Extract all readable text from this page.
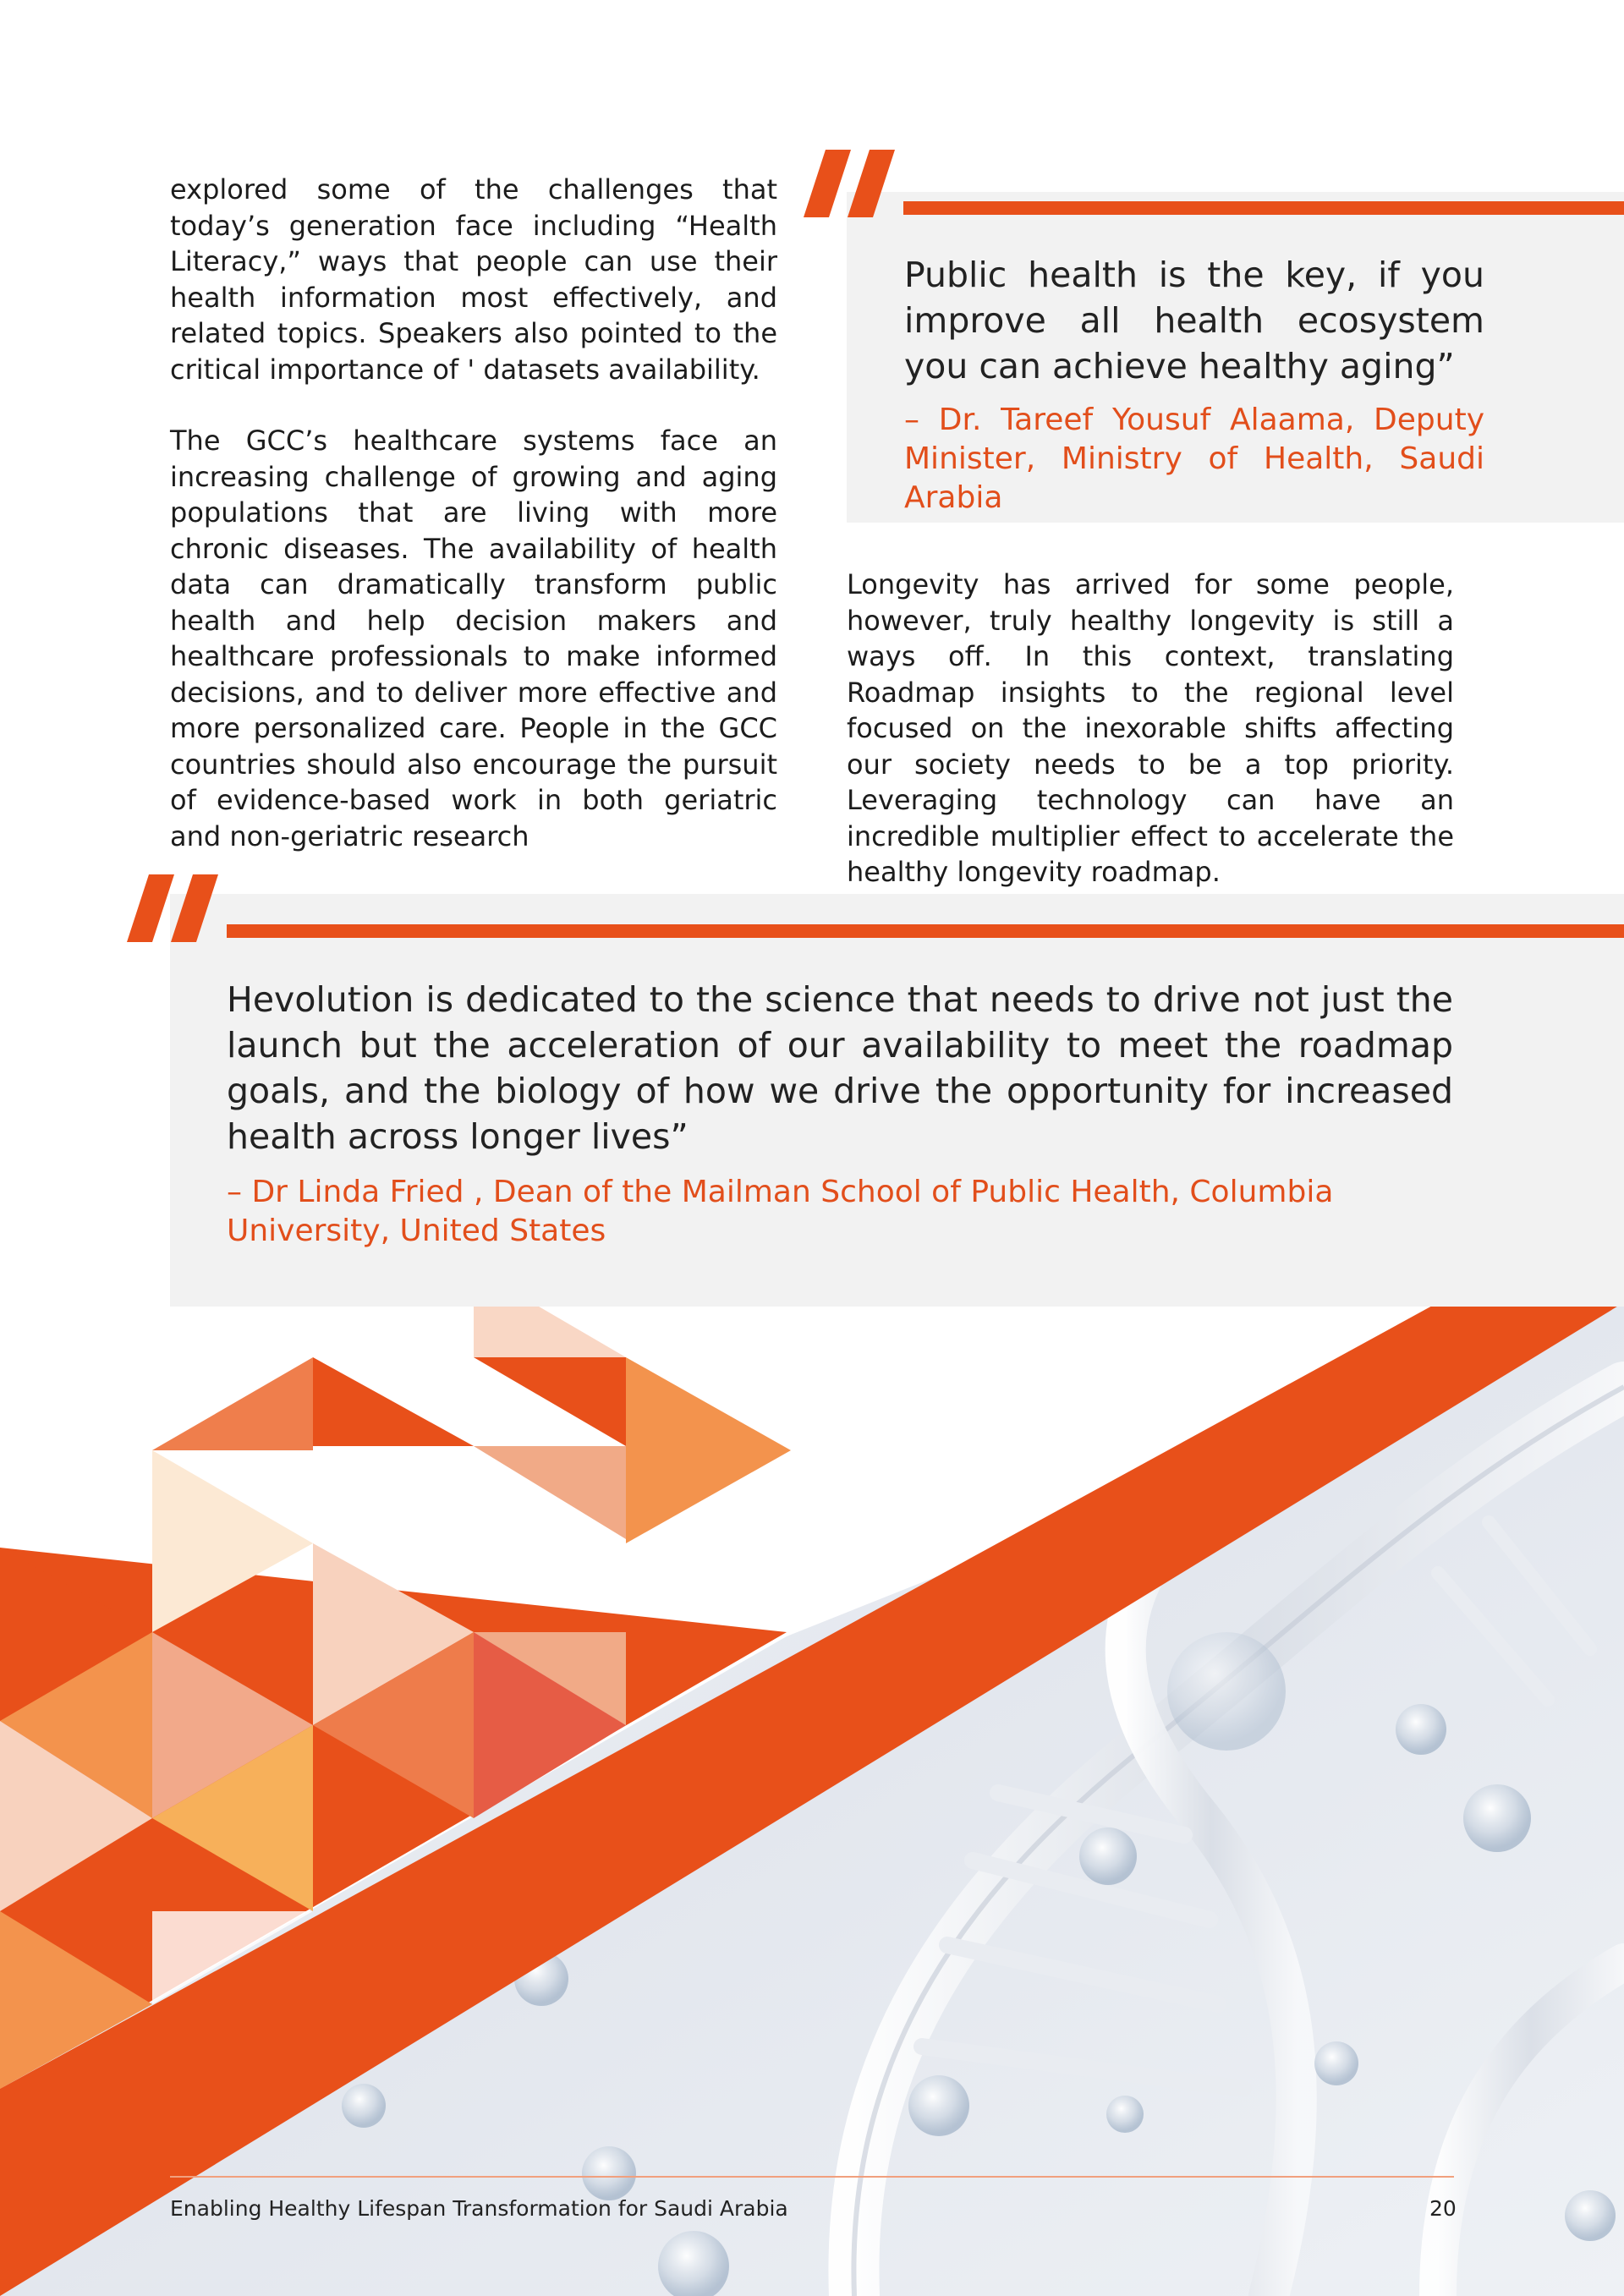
explored some of the challenges that today’s generation face including “Health Literacy,” ways that people can use their health information most effectively, and related topics. Speakers also pointed to the critical importance of ' datasets availability.

The GCC’s healthcare systems face an increasing challenge of growing and aging populations that are living with more chronic diseases. The availability of health data can dramatically transform public health and help decision makers and healthcare professionals to make informed decisions, and to deliver more effective and more personalized care. People in the GCC countries should also encourage the pursuit of evidence-based work in both geriatric and non-geriatric research

Public health is the key, if you improve all health ecosystem you can achieve healthy aging”

– Dr. Tareef Yousuf Alaama, Deputy Minister, Ministry of Health, Saudi Arabia

Longevity has arrived for some people, however, truly healthy longevity is still a ways off. In this context, translating Roadmap insights to the regional level focused on the inexorable shifts affecting our society needs to be a top priority. Leveraging technology can have an incredible multiplier effect to accelerate the healthy longevity roadmap.

Hevolution is dedicated to the science that needs to drive not just the launch but the acceleration of our availability to meet the roadmap goals, and the biology of how we drive the opportunity for increased health across longer lives”

– Dr Linda Fried , Dean of the Mailman School of Public Health, Columbia University, United States

Enabling Healthy Lifespan Transformation for Saudi Arabia	20
